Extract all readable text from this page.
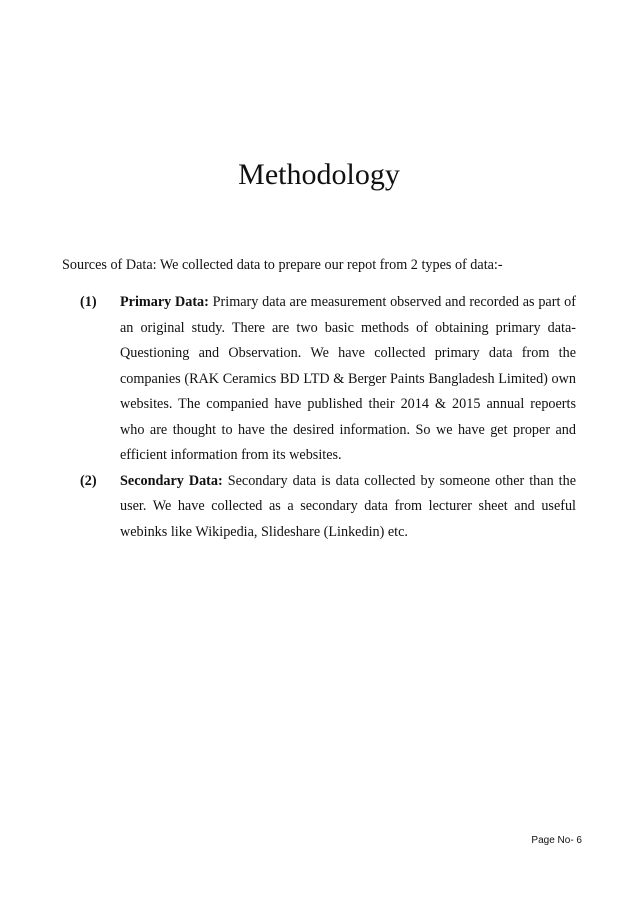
Methodology

Sources of Data: We collected data to prepare our repot from 2 types of data:-

(1) Primary Data: Primary data are measurement observed and recorded as part of an original study. There are two basic methods of obtaining primary data- Questioning and Observation. We have collected primary data from the companies (RAK Ceramics BD LTD & Berger Paints Bangladesh Limited) own websites. The companied have published their 2014 & 2015 annual repoerts who are thought to have the desired information. So we have get proper and efficient information from its websites.

(2) Secondary Data: Secondary data is data collected by someone other than the user. We have collected as a secondary data from lecturer sheet and useful webinks like Wikipedia, Slideshare (Linkedin) etc.

Page No- 6
